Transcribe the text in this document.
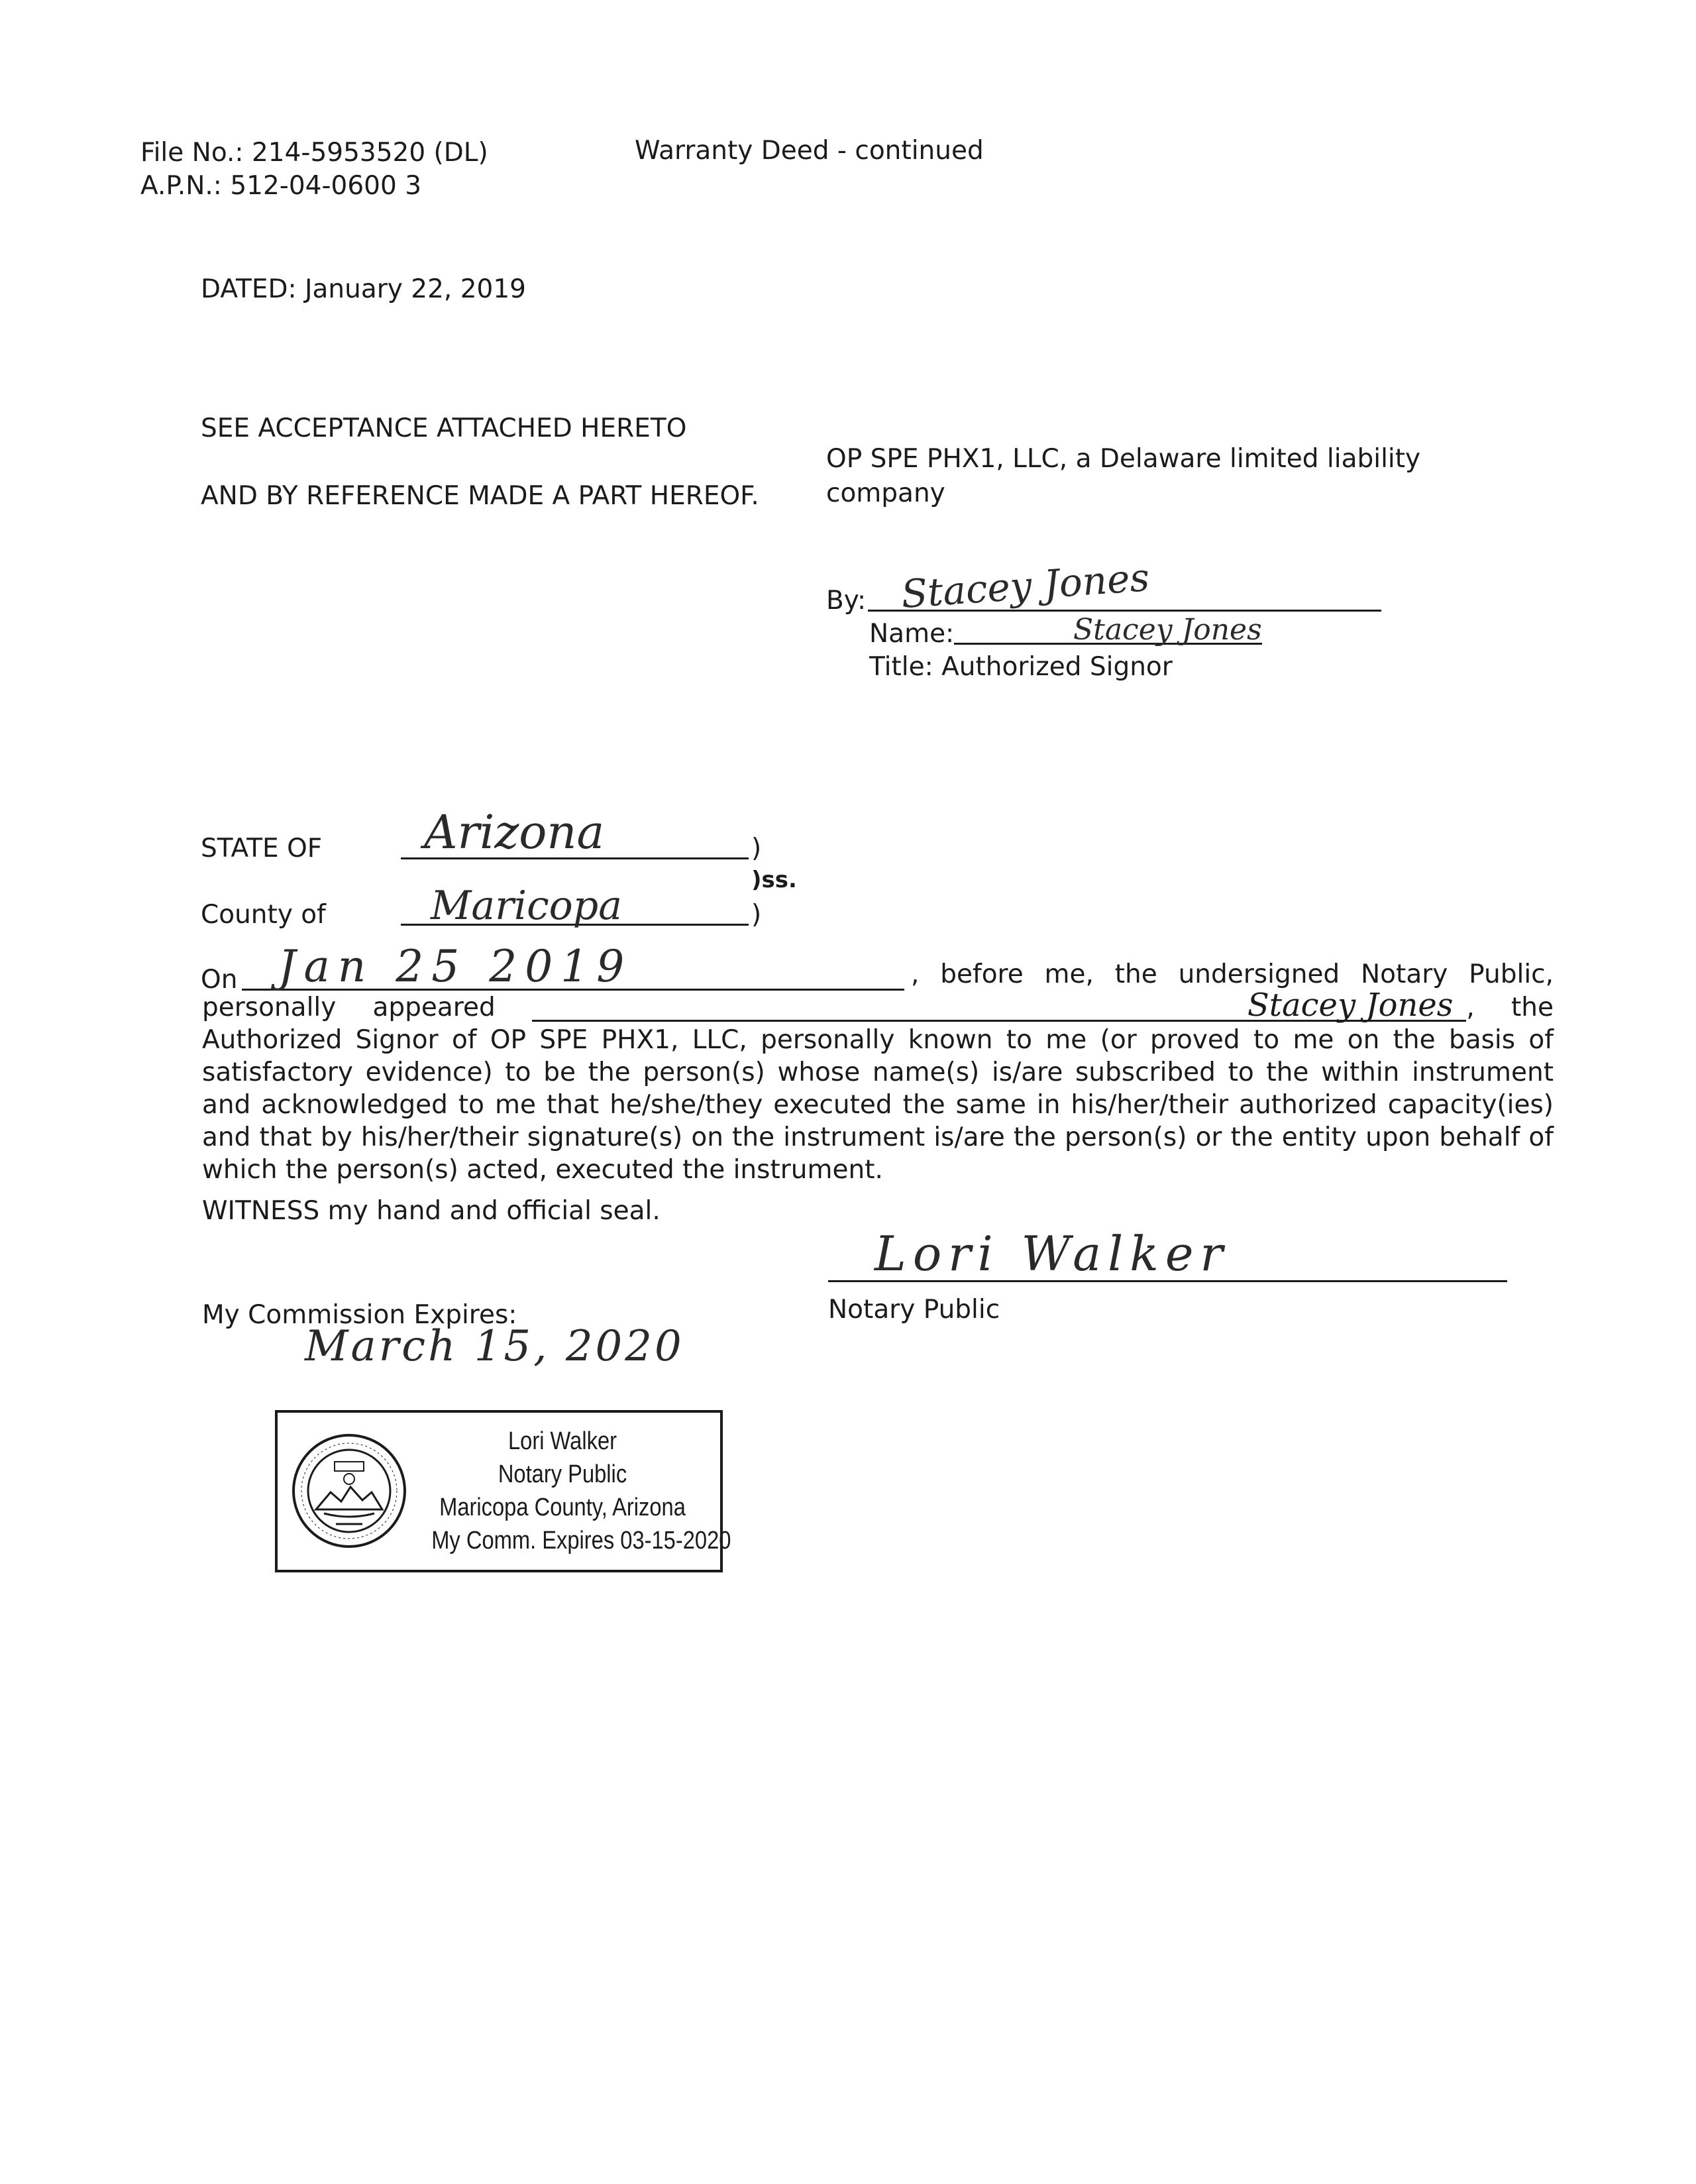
File No.: 214-5953520 (DL)
A.P.N.: 512-04-0600 3
Warranty Deed - continued
DATED: January 22, 2019
SEE ACCEPTANCE ATTACHED HERETO
AND BY REFERENCE MADE A PART HEREOF.
OP SPE PHX1, LLC, a Delaware limited liability
company
By: Stacey Jones
Name:	Stacey Jones
Title: Authorized Signor
STATE OF Arizona	)
)ss.
County of	Maricopa	)
On Jan 25 2019	, before me, the undersigned Notary Public, personally appeared	Stacey Jones , the Authorized Signor of OP SPE PHX1, LLC, personally known to me (or proved to me on the basis of satisfactory evidence) to be the person(s) whose name(s) is/are subscribed to the within instrument and acknowledged to me that he/she/they executed the same in his/her/their authorized capacity(ies) and that by his/her/their signature(s) on the instrument is/are the person(s) or the entity upon behalf of which the person(s) acted, executed the instrument.
WITNESS my hand and official seal.
Lori Walker
Notary Public
My Commission Expires:
March 15, 2020
Lori Walker
Notary Public
Maricopa County, Arizona
My Comm. Expires 03-15-2020
